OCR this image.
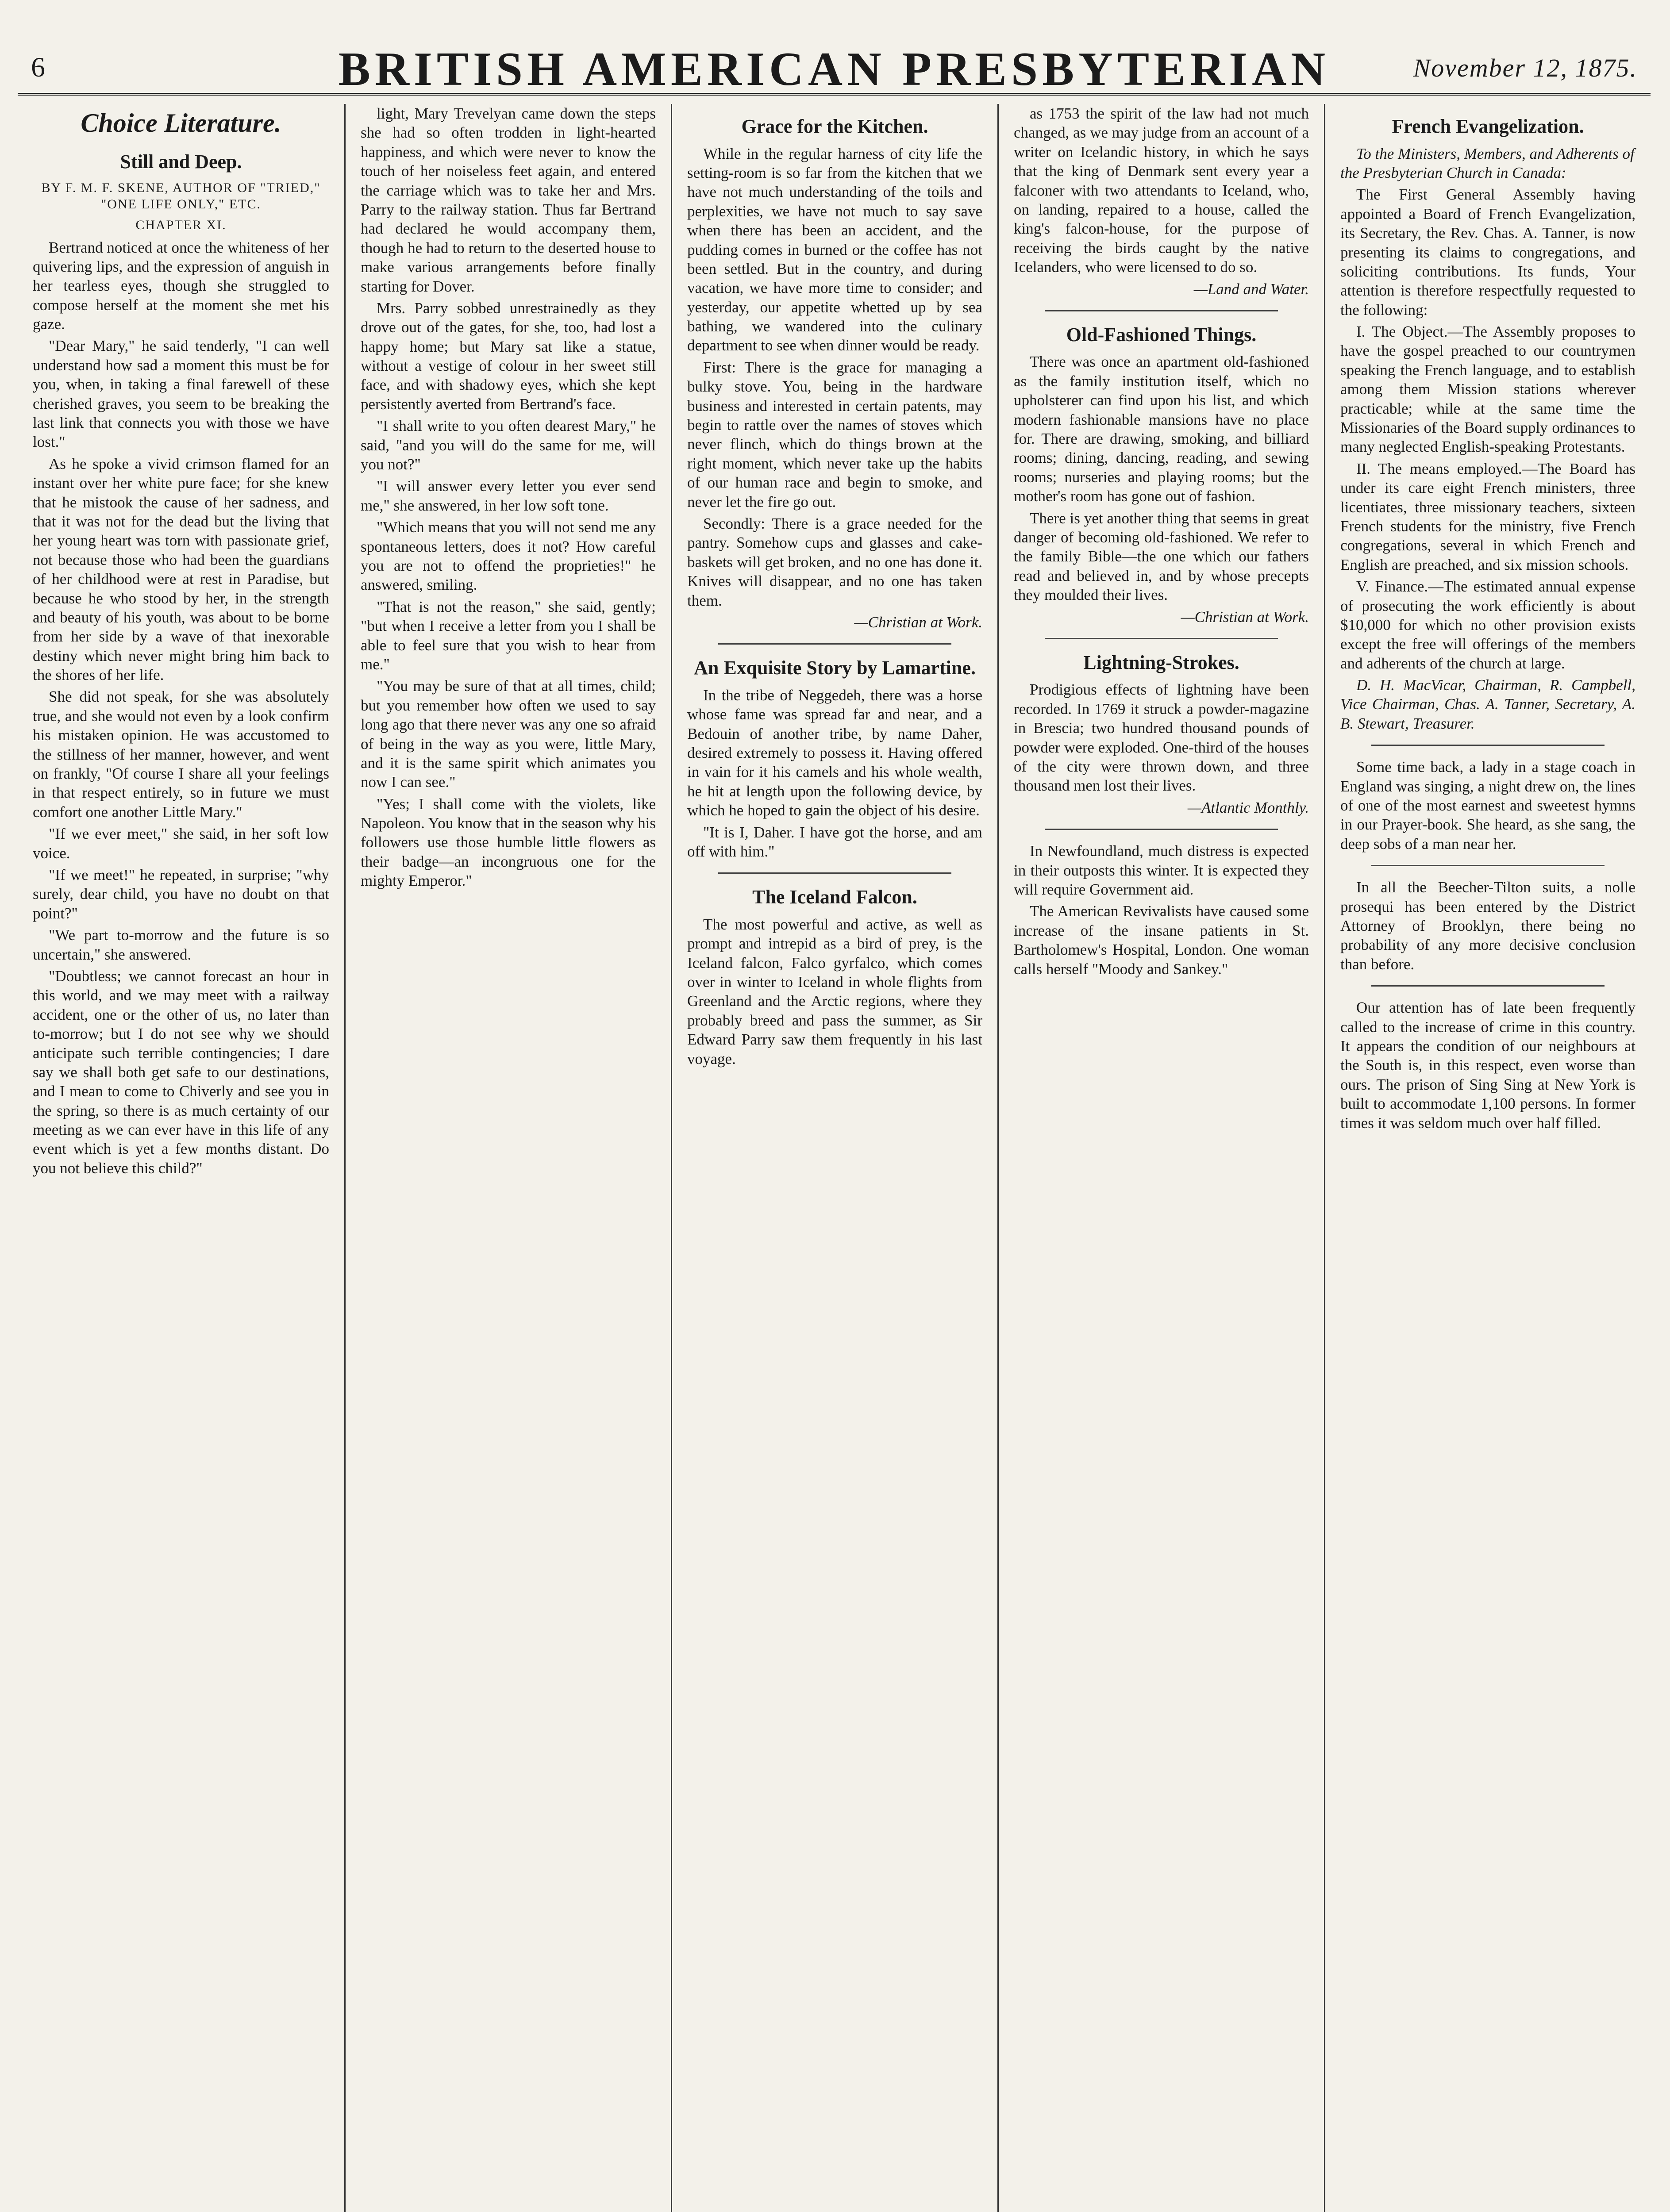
6	BRITISH AMERICAN PRESBYTERIAN	November 12, 1875.
Choice Literature.
Still and Deep.
BY F. M. F. SKENE, AUTHOR OF "TRIED," "ONE LIFE ONLY," ETC.
CHAPTER XI.

Bertrand noticed at once the whiteness of her quivering lips, and the expression of anguish in her tearless eyes, though she struggled to compose herself at the moment she met his gaze.

"Dear Mary," he said tenderly, "I can well understand how sad a moment this must be for you, when, in taking a final farewell of these cherished graves, you seem to be breaking the last link that connects you with those we have lost."

As he spoke a vivid crimson flamed for an instant over her white pure face; for she knew that he mistook the cause of her sadness, and that it was not for the dead but the living that her young heart was torn with passionate grief, not because those who had been the guardians of her childhood were at rest in Paradise, but because he who stood by her, in the strength and beauty of his youth, was about to be borne from her side by a wave of that inexorable destiny which never might bring him back to the shores of her life.

She did not speak, for she was absolutely true, and she would not even by a look confirm his mistaken opinion. He was accustomed to the stillness of her manner, however, and went on frankly, "Of course I share all your feelings in that respect entirely, so in future we must comfort one another Little Mary."

"If we ever meet," she said, in her soft low voice.

"If we meet!" he repeated, in surprise; "why surely, dear child, you have no doubt on that point?"

"We part to-morrow and the future is so uncertain," she answered.

"Doubtless; we cannot forecast an hour in this world, and we may meet with a railway accident, one or the other of us, no later than to-morrow; but I do not see why we should anticipate such terrible contingencies; I dare say we shall both get safe to our destinations, and I mean to come to Chiverly and see you in the spring, so there is as much certainty of our meeting as we can ever have in this life of any event which is yet a few months distant. Do you not believe this child?"

light, Mary Trevelyan came down the steps she had so often trodden in light-hearted happiness, and which were never to know the touch of her noiseless feet again, and entered the carriage which was to take her and Mrs. Parry to the railway station. Thus far Bertrand had declared he would accompany them, though he had to return to the deserted house to make various arrangements before finally starting for Dover.

Mrs. Parry sobbed unrestrainedly as they drove out of the gates, for she, too, had lost a happy home; but Mary sat like a statue, without a vestige of colour in her sweet still face, and with shadowy eyes, which she kept persistently averted from Bertrand's face.

"I shall write to you often dearest Mary," he said, "and you will do the same for me, will you not?"

"I will answer every letter you ever send me," she answered, in her low soft tone.

"Which means that you will not send me any spontaneous letters, does it not? How careful you are not to offend the proprieties!" he answered, smiling.

"That is not the reason," she said, gently; "but when I receive a letter from you I shall be able to feel sure that you wish to hear from me."

"You may be sure of that at all times, child; but you remember how often we used to say long ago that there never was any one so afraid of being in the way as you were, little Mary, and it is the same spirit which animates you now I can see."

"Yes; I shall come with the violets, like Napoleon. You know that in the season why his followers use those humble little flowers as their badge—an incongruous one for the mighty Emperor."

Grace for the Kitchen.

While in the regular harness of city life the setting-room is so far from the kitchen that we have not much understanding of the toils and perplexities, we have not much to say save when there has been an accident, and the pudding comes in burned or the coffee has not been settled. But in the country, and during vacation, we have more time to consider; and yesterday, our appetite whetted up by sea bathing, we wandered into the culinary department to see when dinner would be ready.

First: There is the grace for managing a bulky stove. You, being in the hardware business and interested in certain patents, may begin to rattle over the names of stoves which never flinch, which do things brown at the right moment, which never take up the habits of our human race and begin to smoke, and never let the fire go out.

Secondly: There is a grace needed for the pantry. Somehow cups and glasses and cake-baskets will get broken, and no one has done it. Knives will disappear, and no one has taken them.

—Christian at Work.

An Exquisite Story by Lamartine.

In the tribe of Neggedeh, there was a horse whose fame was spread far and near, and a Bedouin of another tribe, by name Daher, desired extremely to possess it. Having offered in vain for it his camels and his whole wealth, he hit at length upon the following device, by which he hoped to gain the object of his desire.

"It is I, Daher. I have got the horse, and am off with him."

The Iceland Falcon.

The most powerful and active, as well as prompt and intrepid as a bird of prey, is the Iceland falcon, Falco gyrfalco, which comes over in winter to Iceland in whole flights from Greenland and the Arctic regions, where they probably breed and pass the summer, as Sir Edward Parry saw them frequently in his last voyage.

as 1753 the spirit of the law had not much changed, as we may judge from an account of a writer on Icelandic history, in which he says that the king of Denmark sent every year a falconer with two attendants to Iceland, who, on landing, repaired to a house, called the king's falcon-house, for the purpose of receiving the birds caught by the native Icelanders, who were licensed to do so.

—Land and Water.

Old-Fashioned Things.

There was once an apartment old-fashioned as the family institution itself, which no upholsterer can find upon his list, and which modern fashionable mansions have no place for. There are drawing, smoking, and billiard rooms; dining, dancing, reading, and sewing rooms; nurseries and playing rooms; but the mother's room has gone out of fashion.

There is yet another thing that seems in great danger of becoming old-fashioned. We refer to the family Bible—the one which our fathers read and believed in, and by whose precepts they moulded their lives.

—Christian at Work.

Lightning-Strokes.

Prodigious effects of lightning have been recorded. In 1769 it struck a powder-magazine in Brescia; two hundred thousand pounds of powder were exploded. One-third of the houses of the city were thrown down, and three thousand men lost their lives.

—Atlantic Monthly.

In Newfoundland, much distress is expected in their outposts this winter. It is expected they will require Government aid.

The American Revivalists have caused some increase of the insane patients in St. Bartholomew's Hospital, London. One woman calls herself "Moody and Sankey."

French Evangelization.

To the Ministers, Members, and Adherents of the Presbyterian Church in Canada:

The First General Assembly having appointed a Board of French Evangelization, its Secretary, the Rev. Chas. A. Tanner, is now presenting its claims to congregations, and soliciting contributions. Its funds, Your attention is therefore respectfully requested to the following:

I. The Object.—The Assembly proposes to have the gospel preached to our countrymen speaking the French language, and to establish among them Mission stations wherever practicable; while at the same time the Missionaries of the Board supply ordinances to many neglected English-speaking Protestants.

II. The means employed.—The Board has under its care eight French ministers, three licentiates, three missionary teachers, sixteen French students for the ministry, five French congregations, several in which French and English are preached, and six mission schools.

V. Finance.—The estimated annual expense of prosecuting the work efficiently is about $10,000 for which no other provision exists except the free will offerings of the members and adherents of the church at large.

D. H. MacVicar, Chairman, R. Campbell, Vice Chairman, Chas. A. Tanner, Secretary, A. B. Stewart, Treasurer.

Some time back, a lady in a stage coach in England was singing, a night drew on, the lines of one of the most earnest and sweetest hymns in our Prayer-book. She heard, as she sang, the deep sobs of a man near her.

In all the Beecher-Tilton suits, a nolle prosequi has been entered by the District Attorney of Brooklyn, there being no probability of any more decisive conclusion than before.

Our attention has of late been frequently called to the increase of crime in this country. It appears the condition of our neighbours at the South is, in this respect, even worse than ours. The prison of Sing Sing at New York is built to accommodate 1,100 persons. In former times it was seldom much over half filled.
